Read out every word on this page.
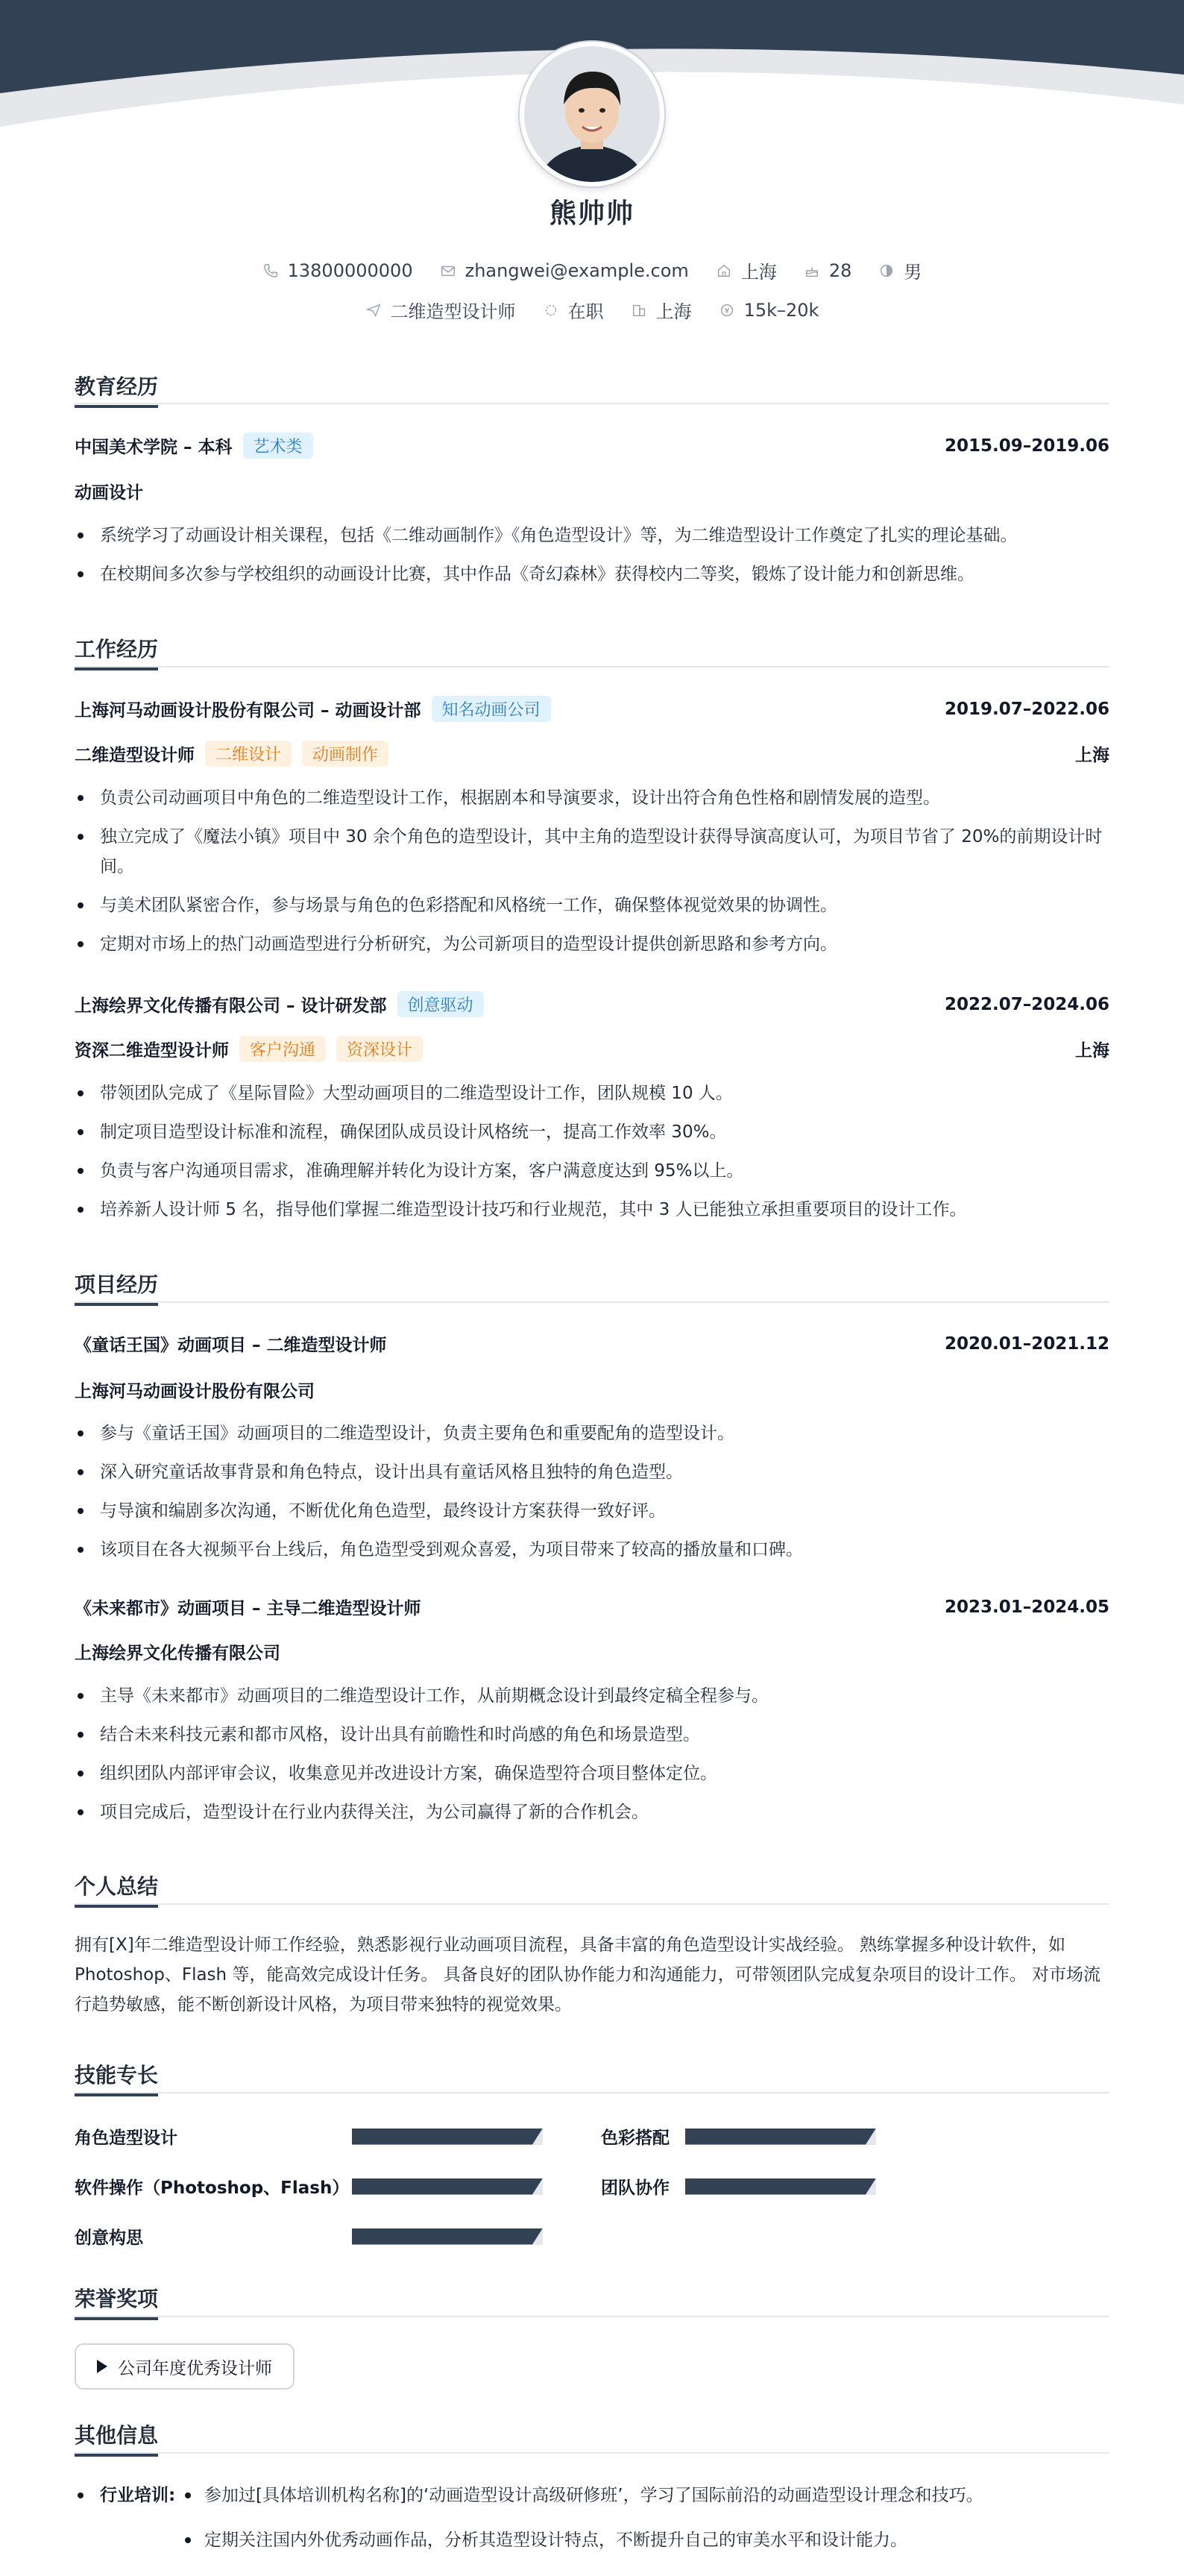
熊帅帅
13800000000	zhangwei@example.com	上海	28	男
二维造型设计师	在职	上海	15k–20k
教育经历
中国美术学院 – 本科	艺术类	2015.09–2019.06
动画设计
系统学习了动画设计相关课程，包括《二维动画制作》《角色造型设计》等，为二维造型设计工作奠定了扎实的理论基础。
在校期间多次参与学校组织的动画设计比赛，其中作品《奇幻森林》获得校内二等奖，锻炼了设计能力和创新思维。
工作经历
上海河马动画设计股份有限公司 – 动画设计部	知名动画公司	2019.07–2022.06
二维造型设计师	二维设计	动画制作	上海
负责公司动画项目中角色的二维造型设计工作，根据剧本和导演要求，设计出符合角色性格和剧情发展的造型。
独立完成了《魔法小镇》项目中 30 余个角色的造型设计，其中主角的造型设计获得导演高度认可，为项目节省了 20%的前期设计时间。
与美术团队紧密合作，参与场景与角色的色彩搭配和风格统一工作，确保整体视觉效果的协调性。
定期对市场上的热门动画造型进行分析研究，为公司新项目的造型设计提供创新思路和参考方向。
上海绘界文化传播有限公司 – 设计研发部	创意驱动	2022.07–2024.06
资深二维造型设计师	客户沟通	资深设计	上海
带领团队完成了《星际冒险》大型动画项目的二维造型设计工作，团队规模 10 人。
制定项目造型设计标准和流程，确保团队成员设计风格统一，提高工作效率 30%。
负责与客户沟通项目需求，准确理解并转化为设计方案，客户满意度达到 95%以上。
培养新人设计师 5 名，指导他们掌握二维造型设计技巧和行业规范，其中 3 人已能独立承担重要项目的设计工作。
项目经历
《童话王国》动画项目 – 二维造型设计师	2020.01–2021.12
上海河马动画设计股份有限公司
参与《童话王国》动画项目的二维造型设计，负责主要角色和重要配角的造型设计。
深入研究童话故事背景和角色特点，设计出具有童话风格且独特的角色造型。
与导演和编剧多次沟通，不断优化角色造型，最终设计方案获得一致好评。
该项目在各大视频平台上线后，角色造型受到观众喜爱，为项目带来了较高的播放量和口碑。
《未来都市》动画项目 – 主导二维造型设计师	2023.01–2024.05
上海绘界文化传播有限公司
主导《未来都市》动画项目的二维造型设计工作，从前期概念设计到最终定稿全程参与。
结合未来科技元素和都市风格，设计出具有前瞻性和时尚感的角色和场景造型。
组织团队内部评审会议，收集意见并改进设计方案，确保造型符合项目整体定位。
项目完成后，造型设计在行业内获得关注，为公司赢得了新的合作机会。
个人总结
拥有[X]年二维造型设计师工作经验，熟悉影视行业动画项目流程，具备丰富的角色造型设计实战经验。 熟练掌握多种设计软件，如 Photoshop、Flash 等，能高效完成设计任务。 具备良好的团队协作能力和沟通能力，可带领团队完成复杂项目的设计工作。 对市场流行趋势敏感，能不断创新设计风格，为项目带来独特的视觉效果。
技能专长
角色造型设计	色彩搭配
软件操作（Photoshop、Flash）	团队协作
创意构思
荣誉奖项
公司年度优秀设计师
其他信息
行业培训:	参加过[具体培训机构名称]的‘动画造型设计高级研修班’，学习了国际前沿的动画造型设计理念和技巧。
定期关注国内外优秀动画作品，分析其造型设计特点，不断提升自己的审美水平和设计能力。
